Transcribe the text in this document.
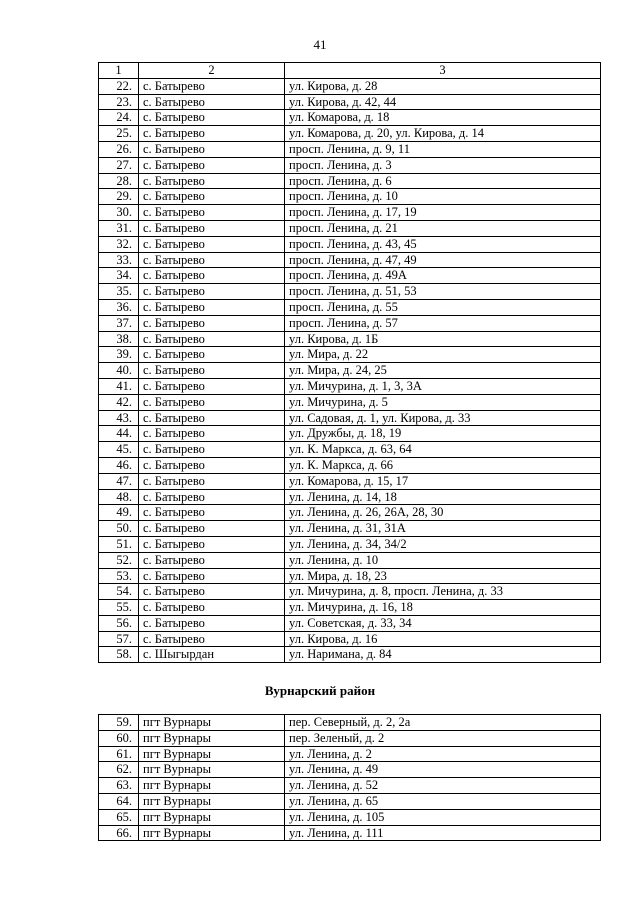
41
1	2	3
22.	с. Батырево	ул. Кирова, д. 28
23.	с. Батырево	ул. Кирова, д. 42, 44
24.	с. Батырево	ул. Комарова, д. 18
25.	с. Батырево	ул. Комарова, д. 20, ул. Кирова, д. 14
26.	с. Батырево	просп. Ленина, д. 9, 11
27.	с. Батырево	просп. Ленина, д. 3
28.	с. Батырево	просп. Ленина, д. 6
29.	с. Батырево	просп. Ленина, д. 10
30.	с. Батырево	просп. Ленина, д. 17, 19
31.	с. Батырево	просп. Ленина, д. 21
32.	с. Батырево	просп. Ленина, д. 43, 45
33.	с. Батырево	просп. Ленина, д. 47, 49
34.	с. Батырево	просп. Ленина, д. 49А
35.	с. Батырево	просп. Ленина, д. 51, 53
36.	с. Батырево	просп. Ленина, д. 55
37.	с. Батырево	просп. Ленина, д. 57
38.	с. Батырево	ул. Кирова, д. 1Б
39.	с. Батырево	ул. Мира, д. 22
40.	с. Батырево	ул. Мира, д. 24, 25
41.	с. Батырево	ул. Мичурина, д. 1, 3, 3А
42.	с. Батырево	ул. Мичурина, д. 5
43.	с. Батырево	ул. Садовая, д. 1, ул. Кирова, д. 33
44.	с. Батырево	ул. Дружбы, д. 18, 19
45.	с. Батырево	ул. К. Маркса, д. 63, 64
46.	с. Батырево	ул. К. Маркса, д. 66
47.	с. Батырево	ул. Комарова, д. 15, 17
48.	с. Батырево	ул. Ленина, д. 14, 18
49.	с. Батырево	ул. Ленина, д. 26, 26А, 28, 30
50.	с. Батырево	ул. Ленина, д. 31, 31А
51.	с. Батырево	ул. Ленина, д. 34, 34/2
52.	с. Батырево	ул. Ленина, д. 10
53.	с. Батырево	ул. Мира, д. 18, 23
54.	с. Батырево	ул. Мичурина, д. 8, просп. Ленина, д. 33
55.	с. Батырево	ул. Мичурина, д. 16, 18
56.	с. Батырево	ул. Советская, д. 33, 34
57.	с. Батырево	ул. Кирова, д. 16
58.	с. Шыгырдан	ул. Наримана, д. 84
Вурнарский район
59.	пгт Вурнары	пер. Северный, д. 2, 2а
60.	пгт Вурнары	пер. Зеленый, д. 2
61.	пгт Вурнары	ул. Ленина, д. 2
62.	пгт Вурнары	ул. Ленина, д. 49
63.	пгт Вурнары	ул. Ленина, д. 52
64.	пгт Вурнары	ул. Ленина, д. 65
65.	пгт Вурнары	ул. Ленина, д. 105
66.	пгт Вурнары	ул. Ленина, д. 111
